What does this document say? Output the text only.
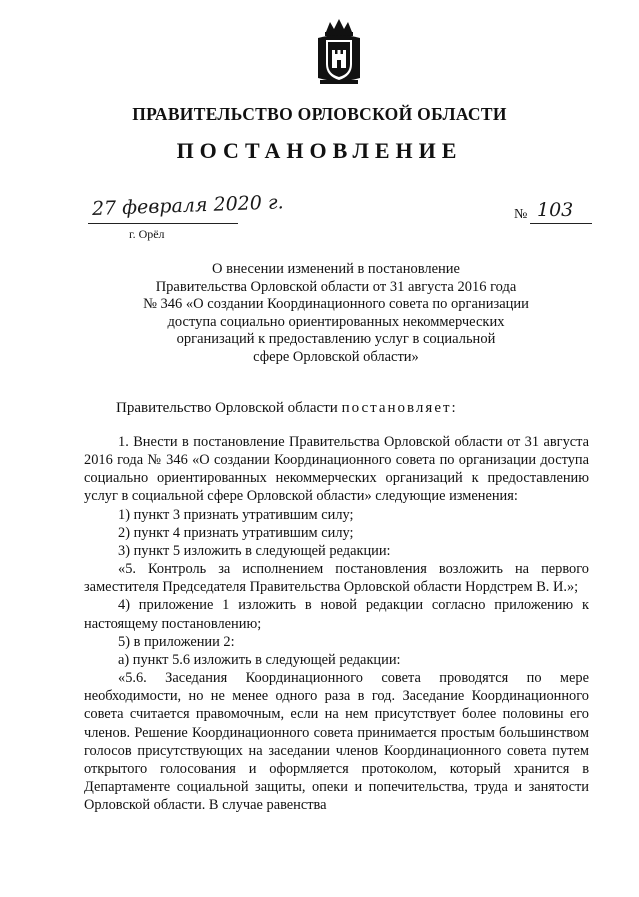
ПРАВИТЕЛЬСТВО ОРЛОВСКОЙ ОБЛАСТИ
ПОСТАНОВЛЕНИЕ
27 февраля 2020 г.
г. Орёл
№ 103
О внесении изменений в постановление
Правительства Орловской области от 31 августа 2016 года
№ 346 «О создании Координационного совета по организации
доступа социально ориентированных некоммерческих
организаций к предоставлению услуг в социальной
сфере Орловской области»
Правительство Орловской области постановляет:

1. Внести в постановление Правительства Орловской области от 31 августа 2016 года № 346 «О создании Координационного совета по организации доступа социально ориентированных некоммерческих организаций к предоставлению услуг в социальной сфере Орловской области» следующие изменения:

1) пункт 3 признать утратившим силу;

2) пункт 4 признать утратившим силу;

3) пункт 5 изложить в следующей редакции:

«5. Контроль за исполнением постановления возложить на первого заместителя Председателя Правительства Орловской области Нордстрем В. И.»;

4) приложение 1 изложить в новой редакции согласно приложению к настоящему постановлению;

5) в приложении 2:

а) пункт 5.6 изложить в следующей редакции:

«5.6. Заседания Координационного совета проводятся по мере необходимости, но не менее одного раза в год. Заседание Координационного совета считается правомочным, если на нем присутствует более половины его членов. Решение Координационного совета принимается простым большинством голосов присутствующих на заседании членов Координационного совета путем открытого голосования и оформляется протоколом, который хранится в Департаменте социальной защиты, опеки и попечительства, труда и занятости Орловской области. В случае равенства
